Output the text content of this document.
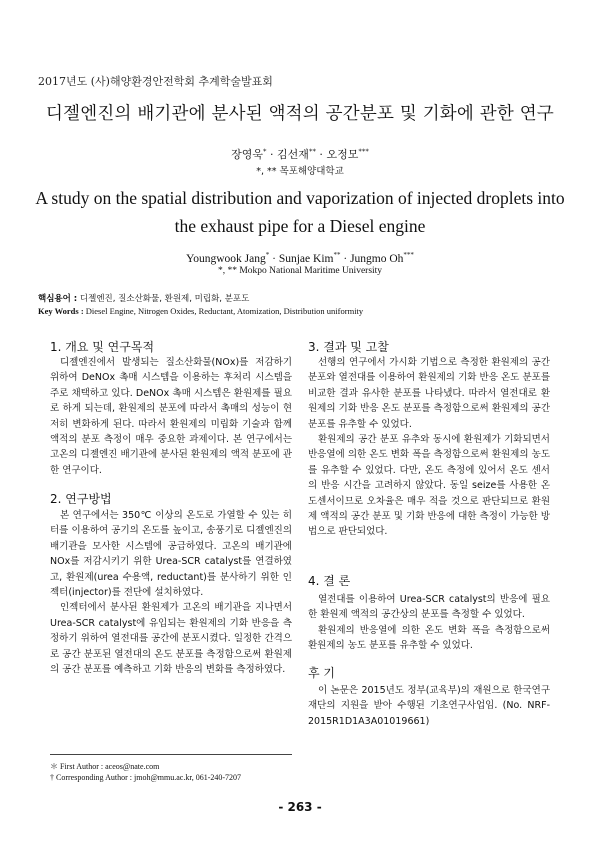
2017년도 (사)해양환경안전학회 추계학술발표회
디젤엔진의 배기관에 분사된 액적의 공간분포 및 기화에 관한 연구
장영욱* · 김선재** · 오정모***
*, ** 목포해양대학교
A study on the spatial distribution and vaporization of injected droplets into
the exhaust pipe for a Diesel engine
Youngwook Jang* · Sunjae Kim** · Jungmo Oh***
*, ** Mokpo National Maritime University
핵심용어 : 디젤엔진, 질소산화물, 환원제, 미립화, 분포도
Key Words : Diesel Engine, Nitrogen Oxides, Reductant, Atomization, Distribution uniformity
1. 개요 및 연구목적

디젤엔진에서 발생되는 질소산화물(NOx)를 저감하기 위하여 DeNOx 촉매 시스템을 이용하는 후처리 시스템을 주로 채택하고 있다. DeNOx 촉매 시스템은 환원제를 필요로 하게 되는데, 환원제의 분포에 따라서 촉매의 성능이 현저히 변화하게 된다. 따라서 환원제의 미립화 기술과 함께 액적의 분포 측정이 매우 중요한 과제이다. 본 연구에서는 고온의 디젤엔진 배기관에 분사된 환원제의 액적 분포에 관한 연구이다.

2. 연구방법

본 연구에서는 350℃ 이상의 온도로 가열할 수 있는 히터를 이용하여 공기의 온도를 높이고, 송풍기로 디젤엔진의 배기관을 모사한 시스템에 공급하였다. 고온의 배기관에 NOx를 저감시키기 위한 Urea-SCR catalyst를 연결하였고, 환원제(urea 수용액, reductant)를 분사하기 위한 인젝터(injector)를 전단에 설치하였다.

인젝터에서 분사된 환원제가 고온의 배기관을 지나면서 Urea-SCR catalyst에 유입되는 환원제의 기화 반응을 측정하기 위하여 열전대를 공간에 분포시켰다. 일정한 간격으로 공간 분포된 열전대의 온도 분포를 측정함으로써 환원제의 공간 분포를 예측하고 기화 반응의 변화를 측정하였다.

3. 결과 및 고찰

선행의 연구에서 가시화 기법으로 측정한 환원제의 공간분포와 열전대를 이용하여 환원제의 기화 반응 온도 분포를 비교한 결과 유사한 분포를 나타냈다. 따라서 열전대로 환원제의 기화 반응 온도 분포를 측정함으로써 환원제의 공간분포를 유추할 수 있었다.

환원제의 공간 분포 유추와 동시에 환원제가 기화되면서 반응열에 의한 온도 변화 폭을 측정함으로써 환원제의 농도를 유추할 수 있었다. 다만, 온도 측정에 있어서 온도 센서의 반응 시간을 고려하지 않았다. 동일 seize를 사용한 온도센서이므로 오차율은 매우 적을 것으로 판단되므로 환원제 액적의 공간 분포 및 기화 반응에 대한 측정이 가능한 방법으로 판단되었다.

4. 결 론

열전대를 이용하여 Urea-SCR catalyst의 반응에 필요한 환원제 액적의 공간상의 분포를 측정할 수 있었다.

환원제의 반응열에 의한 온도 변화 폭을 측정함으로써 환원제의 농도 분포를 유추할 수 있었다.

후 기

이 논문은 2015년도 정부(교육부)의 재원으로 한국연구재단의 지원을 받아 수행된 기초연구사업임. (No. NRF-2015R1D1A3A01019661)

＊ First Author : aceos@nate.com
† Corresponding Author : jmoh@mmu.ac.kr, 061-240-7207
- 263 -
